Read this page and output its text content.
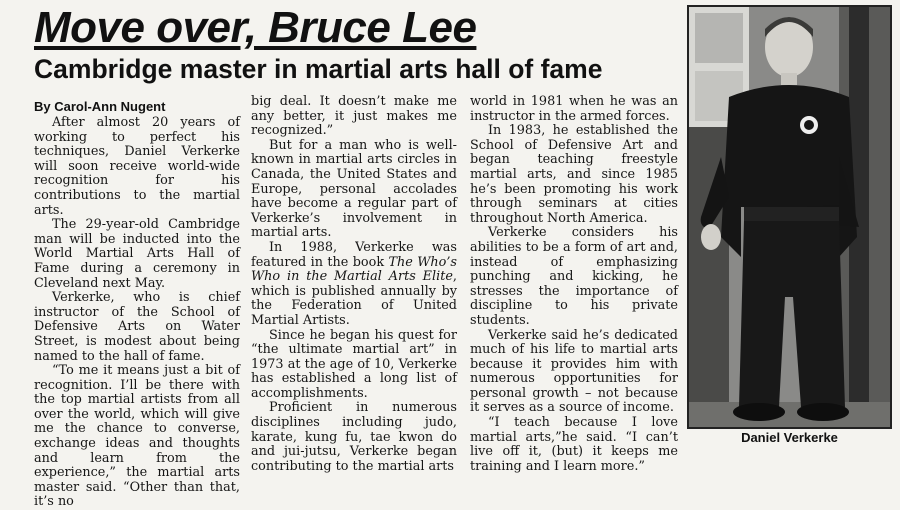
Move over, Bruce Lee
Cambridge master in martial arts hall of fame
By Carol-Ann Nugent

After almost 20 years of working to perfect his techniques, Daniel Verkerke will soon receive world-wide recognition for his contributions to the martial arts.

The 29-year-old Cambridge man will be inducted into the World Martial Arts Hall of Fame during a ceremony in Cleveland next May.

Verkerke, who is chief instructor of the School of Defensive Arts on Water Street, is modest about being named to the hall of fame.

“To me it means just a bit of recognition. I’ll be there with the top martial artists from all over the world, which will give me the chance to converse, exchange ideas and thoughts and learn from the experience,” the martial arts master said. “Other than that, it’s no

big deal. It doesn’t make me any better, it just makes me recognized.”

But for a man who is well-known in martial arts circles in Canada, the United States and Europe, personal accolades have become a regular part of Verkerke’s involvement in martial arts.

In 1988, Verkerke was featured in the book The Who’s Who in the Martial Arts Elite, which is published annually by the Federation of United Martial Artists.

Since he began his quest for “the ultimate martial art” in 1973 at the age of 10, Verkerke has established a long list of accomplishments.

Proficient in numerous disciplines including judo, karate, kung fu, tae kwon do and jui-jutsu, Verkerke began contributing to the martial arts

world in 1981 when he was an instructor in the armed forces.

In 1983, he established the School of Defensive Art and began teaching freestyle martial arts, and since 1985 he’s been promoting his work through seminars at cities throughout North America.

Verkerke considers his abilities to be a form of art and, instead of emphasizing punching and kicking, he stresses the importance of discipline to his private students.

Verkerke said he’s dedicated much of his life to martial arts because it provides him with numerous opportunities for personal growth – not because it serves as a source of income.

“I teach because I love martial arts,”he said. “I can’t live off it, (but) it keeps me training and I learn more.”

Daniel Verkerke
